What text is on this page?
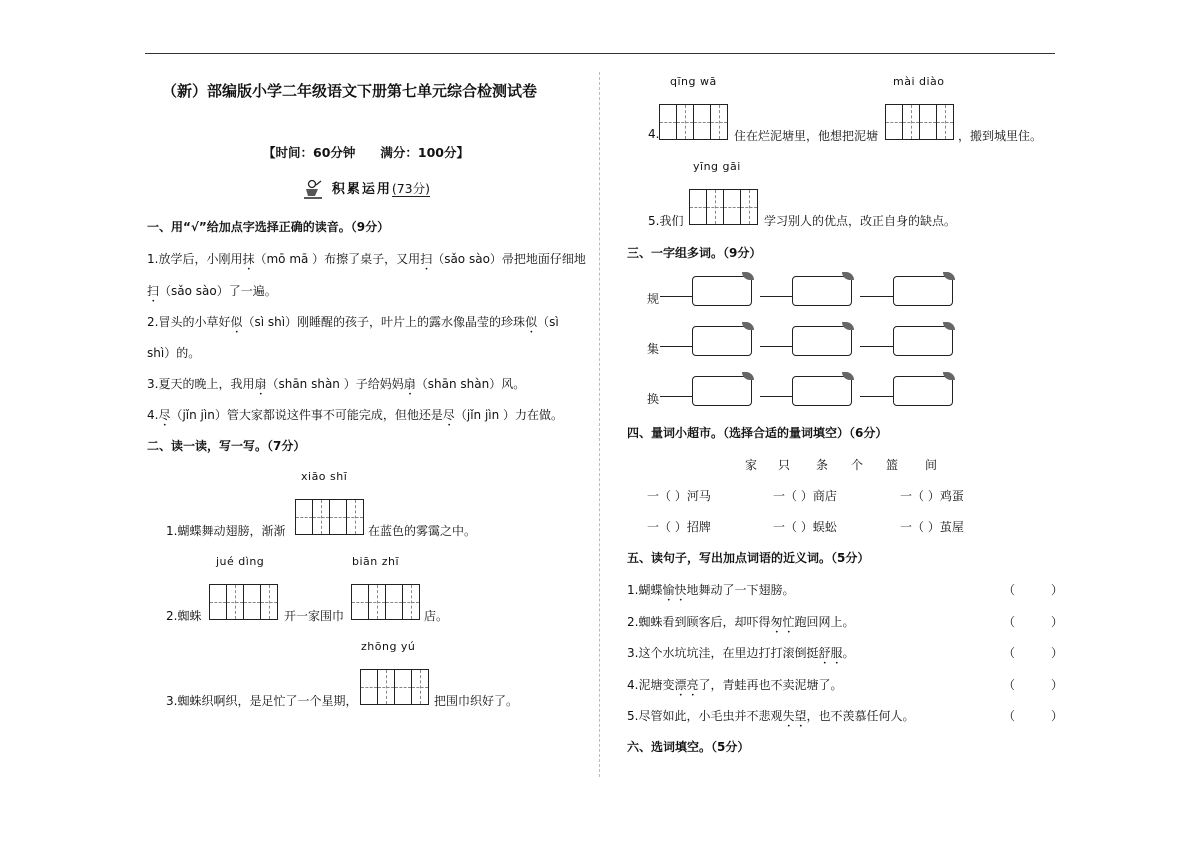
（新）部编版小学二年级语文下册第七单元综合检测试卷
【时间：60分钟　　满分：100分】
积累运用(73分)
一、用“√”给加点字选择正确的读音。（9分）
1.放学后，小刚用抹（mō mā ）布擦了桌子，又用扫（sǎo sào）帚把地面仔细地
扫（sǎo sào）了一遍。
2.冒头的小草好似（sì shì）刚睡醒的孩子，叶片上的露水像晶莹的珍珠似（sì
shì）的。
3.夏天的晚上，我用扇（shān shàn ）子给妈妈扇（shān shàn）风。
4.尽（jǐn jìn）管大家都说这件事不可能完成，但他还是尽（jǐn jìn ）力在做。
二、读一读，写一写。（7分）
xiāo shī
1.蝴蝶舞动翅膀，渐渐	在蓝色的雾霭之中。
jué dìng	biān zhī
2.蜘蛛	开一家围巾	店。
zhōng yú
3.蜘蛛织啊织，是足忙了一个星期，	把围巾织好了。
qīng wā	mài diào
4.	住在烂泥塘里，他想把泥塘	，搬到城里住。
yīng gāi
5.我们	学习别人的优点，改正自身的缺点。
三、一字组多词。（9分）
四、量词小超市。（选择合适的量词填空）（6分）
五、读句子，写出加点词语的近义词。（5分）
六、选词填空。（5分）
规
集
换
家 只 条 个 篮 间
一（ ）河马	一（ ）商店	一（ ）鸡蛋
一（ ）招牌	一（ ）蜈蚣	一（ ）茧屋
1.蝴蝶愉快地舞动了一下翅膀。	（　　　）
2.蜘蛛看到顾客后，却吓得匆忙跑回网上。	（　　　）
3.这个水坑坑洼，在里边打打滚倒挺舒服。	（　　　）
4.泥塘变漂亮了，青蛙再也不卖泥塘了。	（　　　）
5.尽管如此，小毛虫并不悲观失望，也不羡慕任何人。	（　　　）
